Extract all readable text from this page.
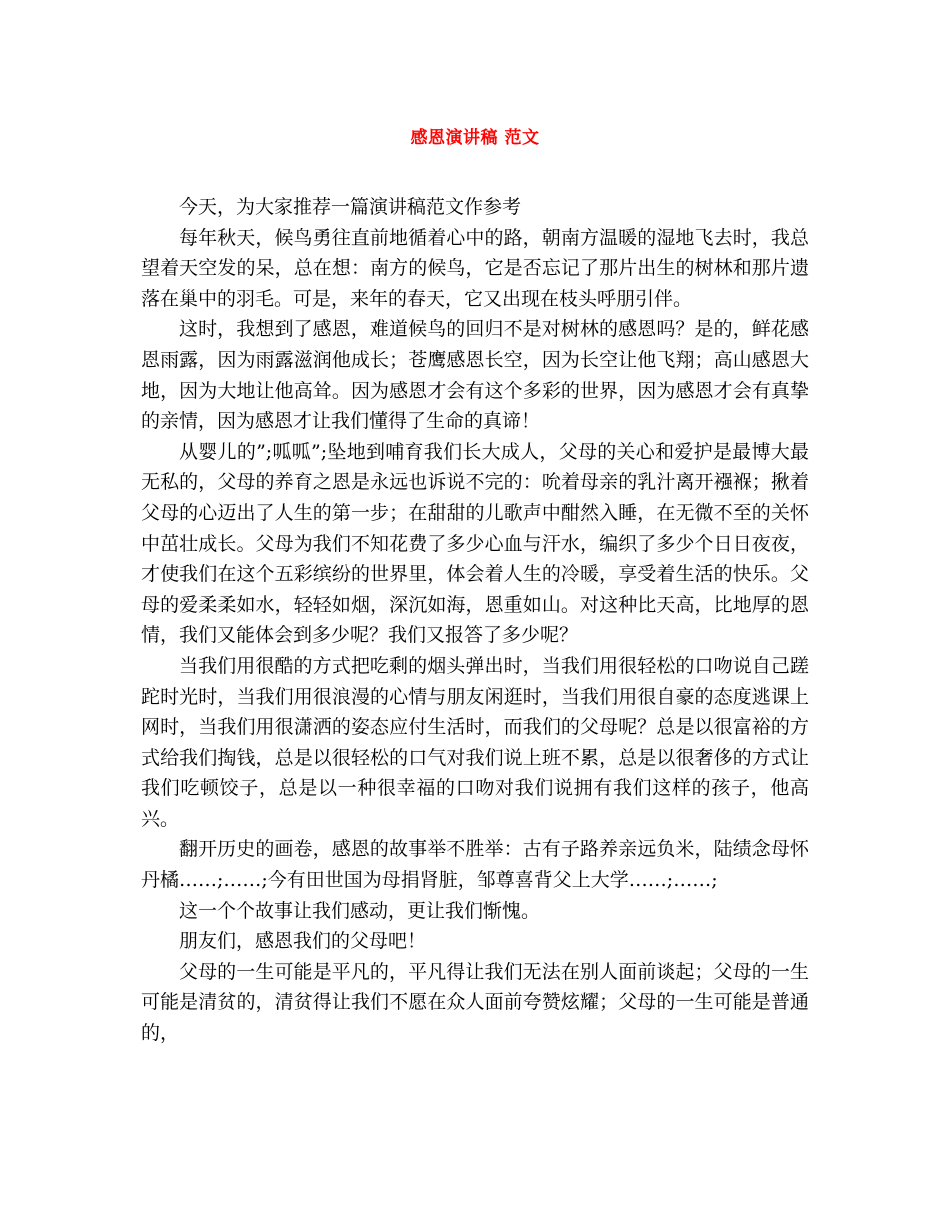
感恩演讲稿 范文

今天，为大家推荐一篇演讲稿范文作参考

每年秋天，候鸟勇往直前地循着心中的路，朝南方温暖的湿地飞去时，我总望着天空发的呆，总在想：南方的候鸟，它是否忘记了那片出生的树林和那片遗落在巢中的羽毛。可是，来年的春天，它又出现在枝头呼朋引伴。

这时，我想到了感恩，难道候鸟的回归不是对树林的感恩吗？是的，鲜花感恩雨露，因为雨露滋润他成长；苍鹰感恩长空，因为长空让他飞翔；高山感恩大地，因为大地让他高耸。因为感恩才会有这个多彩的世界，因为感恩才会有真挚的亲情，因为感恩才让我们懂得了生命的真谛！

从婴儿的”;呱呱”;坠地到哺育我们长大成人，父母的关心和爱护是最博大最无私的，父母的养育之恩是永远也诉说不完的：吮着母亲的乳汁离开襁褓；揪着父母的心迈出了人生的第一步；在甜甜的儿歌声中酣然入睡，在无微不至的关怀中茁壮成长。父母为我们不知花费了多少心血与汗水，编织了多少个日日夜夜，才使我们在这个五彩缤纷的世界里，体会着人生的冷暖，享受着生活的快乐。父母的爱柔柔如水，轻轻如烟，深沉如海，恩重如山。对这种比天高，比地厚的恩情，我们又能体会到多少呢？我们又报答了多少呢？

当我们用很酷的方式把吃剩的烟头弹出时，当我们用很轻松的口吻说自己蹉跎时光时，当我们用很浪漫的心情与朋友闲逛时，当我们用很自豪的态度逃课上网时，当我们用很潇洒的姿态应付生活时，而我们的父母呢？总是以很富裕的方式给我们掏钱，总是以很轻松的口气对我们说上班不累，总是以很奢侈的方式让我们吃顿饺子，总是以一种很幸福的口吻对我们说拥有我们这样的孩子，他高兴。

翻开历史的画卷，感恩的故事举不胜举：古有子路养亲远负米，陆绩念母怀丹橘……;……;今有田世国为母捐肾脏，邹尊喜背父上大学……;……;

这一个个故事让我们感动，更让我们惭愧。

朋友们，感恩我们的父母吧！

父母的一生可能是平凡的，平凡得让我们无法在别人面前谈起；父母的一生可能是清贫的，清贫得让我们不愿在众人面前夸赞炫耀；父母的一生可能是普通的，
